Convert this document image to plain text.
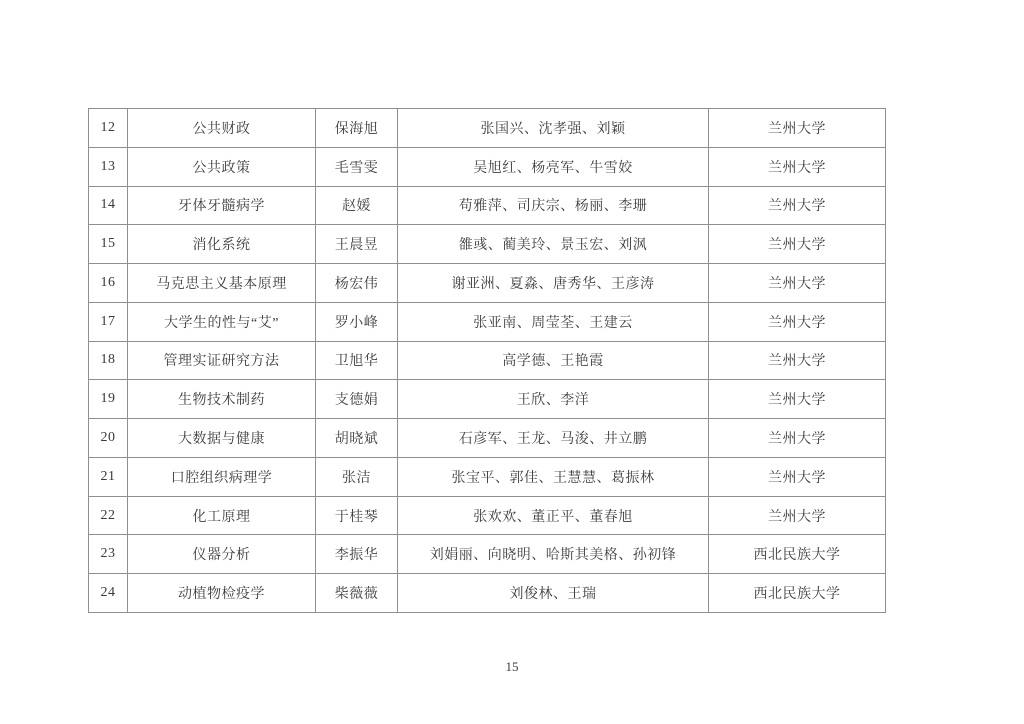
12	公共财政	保海旭	张国兴、沈孝强、刘颖	兰州大学
13	公共政策	毛雪雯	吴旭红、杨亮军、牛雪姣	兰州大学
14	牙体牙髓病学	赵媛	苟雅萍、司庆宗、杨丽、李珊	兰州大学
15	消化系统	王晨昱	雒彧、蔺美玲、景玉宏、刘沨	兰州大学
16	马克思主义基本原理	杨宏伟	谢亚洲、夏淼、唐秀华、王彦涛	兰州大学
17	大学生的性与“艾”	罗小峰	张亚南、周莹荃、王建云	兰州大学
18	管理实证研究方法	卫旭华	高学德、王艳霞	兰州大学
19	生物技术制药	支德娟	王欣、李洋	兰州大学
20	大数据与健康	胡晓斌	石彦军、王龙、马浚、井立鹏	兰州大学
21	口腔组织病理学	张洁	张宝平、郭佳、王慧慧、葛振林	兰州大学
22	化工原理	于桂琴	张欢欢、董正平、董春旭	兰州大学
23	仪器分析	李振华	刘娟丽、向晓明、哈斯其美格、孙初锋	西北民族大学
24	动植物检疫学	柴薇薇	刘俊林、王瑞	西北民族大学
15
